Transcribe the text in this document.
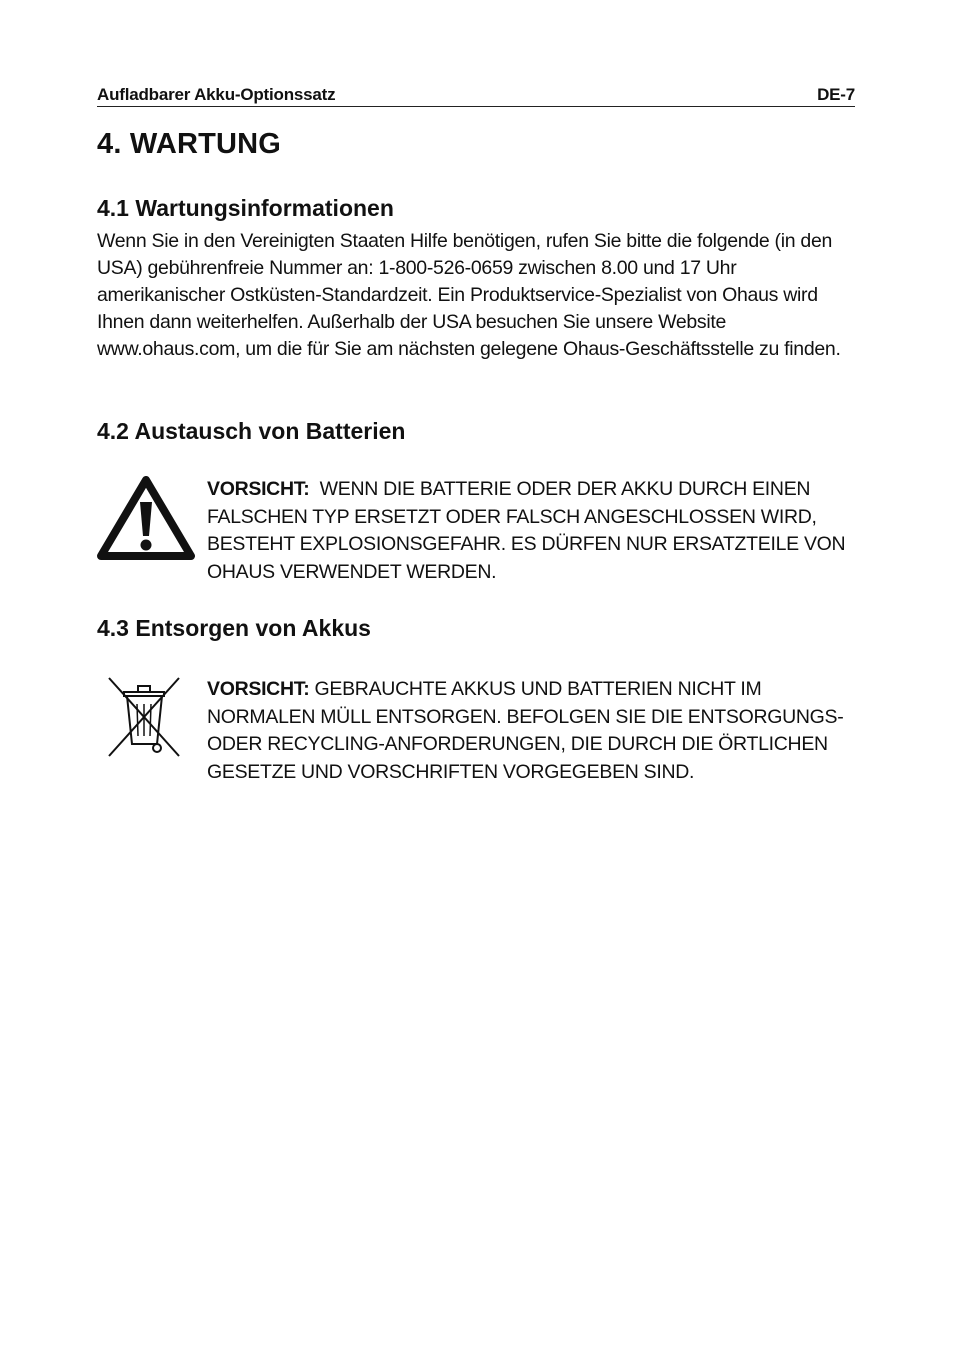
Aufladbarer Akku-Optionssatz	DE-7
4. WARTUNG
4.1 Wartungsinformationen

Wenn Sie in den Vereinigten Staaten Hilfe benötigen, rufen Sie bitte die folgende (in den USA) gebührenfreie Nummer an: 1-800-526-0659 zwischen 8.00 und 17 Uhr amerikanischer Ostküsten-Standardzeit. Ein Produktservice-Spezialist von Ohaus wird Ihnen dann weiterhelfen. Außerhalb der USA besuchen Sie unsere Website www.ohaus.com, um die für Sie am nächsten gelegene Ohaus-Geschäftsstelle zu finden.

4.2 Austausch von Batterien

VORSICHT: WENN DIE BATTERIE ODER DER AKKU DURCH EINEN FALSCHEN TYP ERSETZT ODER FALSCH ANGESCHLOSSEN WIRD, BESTEHT EXPLOSIONSGEFAHR. ES DÜRFEN NUR ERSATZTEILE VON OHAUS VERWENDET WERDEN.

4.3 Entsorgen von Akkus

VORSICHT: GEBRAUCHTE AKKUS UND BATTERIEN NICHT IM NORMALEN MÜLL ENTSORGEN. BEFOLGEN SIE DIE ENTSORGUNGS- ODER RECYCLING-ANFORDERUNGEN, DIE DURCH DIE ÖRTLICHEN GESETZE UND VORSCHRIFTEN VORGEGEBEN SIND.
